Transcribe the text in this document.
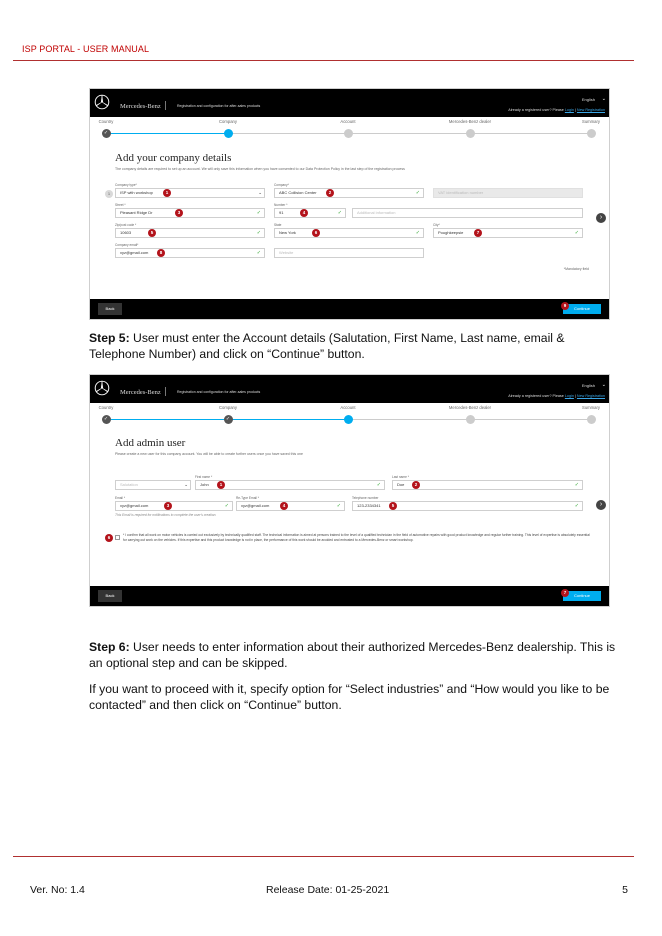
ISP PORTAL - USER MANUAL
Mercedes-Benz	Registration and configuration for after-sales products
English ⌄
Already a registered user? Please Login | New Registration
Country	Company	Account	Mercedes-Benz dealer	Summary
✓
Add your company details
The company details are required to set up an account. We will only save this information when you have consented to our Data Protection Policy in the last step of the registration process
1
›
Company type*
ISP with workshop	⌄
1
Company*
ABC Collision Center	✓
2	VAT identification number
Street *
Pleasant Ridge Dr	✓
3
Number *
91	✓
4	Additional information
Zip/post code *
10603	✓
5
State
New York	✓
6
City*
Poughkeepsie	✓
7
Company email*
xyz@gmail.com	✓
8	Website
*Mandatory field
Back	Continue
9
Step 5: User must enter the Account details (Salutation, First Name, Last name, email & Telephone Number) and click on “Continue” button.
Mercedes-Benz	Registration and configuration for after-sales products
English ⌄
Already a registered user? Please Login | New Registration
Country	Company	Account	Mercedes-Benz dealer	Summary
✓	✓
Add admin user
Please create a new user for this company account. You will be able to create further users once you have saved this one
›
Salutation	⌄
First name *
John	✓
1
Last name *
Doe	✓
2
Email *
xyz@gmail.com	✓
3
Re-Type Email *
xyz@gmail.com	✓
4
Telephone number
123-2334341	✓
5
This Email is required for notifications to complete the user's creation.
6	* I confirm that all work on motor vehicles is carried out exclusively by technically qualified staff. The technical information is aimed at persons trained to the level of a qualified technician in the field of automotive repairs with good product knowledge and regular further training. This level of expertise is absolutely essential for carrying out work on the vehicles. If this expertise and this product knowledge is not in place, the performance of this work should be avoided and entrusted to a Mercedes-Benz or smart workshop.
Back	Continue
7
Step 6: User needs to enter information about their authorized Mercedes-Benz dealership. This is an optional step and can be skipped.
If you want to proceed with it, specify option for “Select industries” and “How would you like to be contacted” and then click on “Continue” button.
Ver. No: 1.4	Release Date: 01-25-2021	5
